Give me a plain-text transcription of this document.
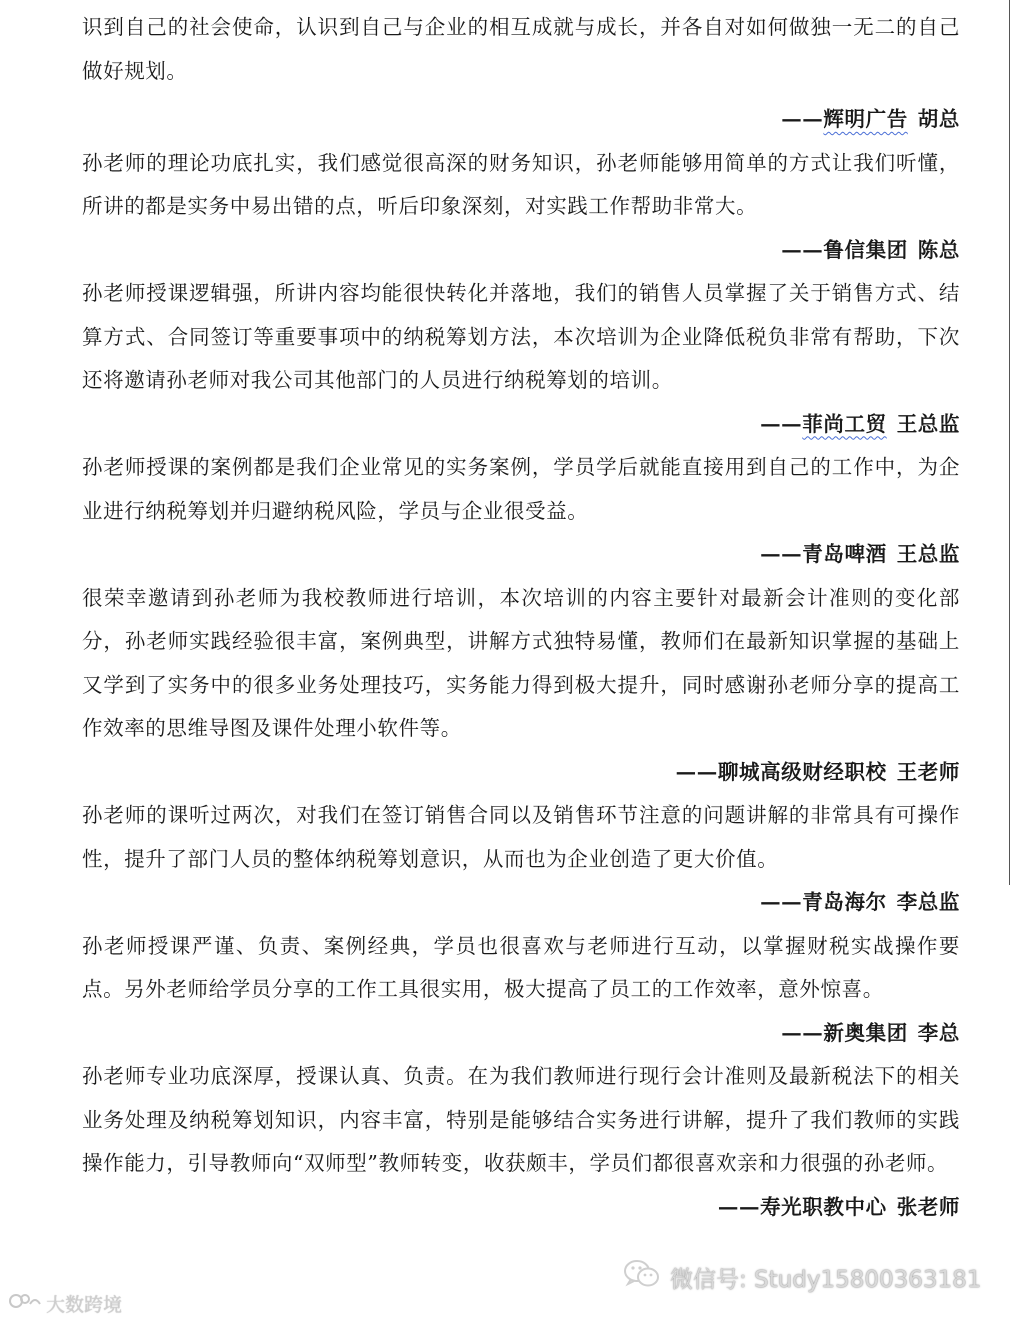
识到自己的社会使命，认识到自己与企业的相互成就与成长，并各自对如何做独一无二的自己做好规划。

——辉明广告 胡总

孙老师的理论功底扎实，我们感觉很高深的财务知识，孙老师能够用简单的方式让我们听懂，所讲的都是实务中易出错的点，听后印象深刻，对实践工作帮助非常大。

——鲁信集团 陈总

孙老师授课逻辑强，所讲内容均能很快转化并落地，我们的销售人员掌握了关于销售方式、结算方式、合同签订等重要事项中的纳税筹划方法，本次培训为企业降低税负非常有帮助，下次还将邀请孙老师对我公司其他部门的人员进行纳税筹划的培训。

——菲尚工贸 王总监

孙老师授课的案例都是我们企业常见的实务案例，学员学后就能直接用到自己的工作中，为企业进行纳税筹划并归避纳税风险，学员与企业很受益。

——青岛啤酒 王总监

很荣幸邀请到孙老师为我校教师进行培训，本次培训的内容主要针对最新会计准则的变化部分，孙老师实践经验很丰富，案例典型，讲解方式独特易懂，教师们在最新知识掌握的基础上又学到了实务中的很多业务处理技巧，实务能力得到极大提升，同时感谢孙老师分享的提高工作效率的思维导图及课件处理小软件等。

——聊城高级财经职校 王老师

孙老师的课听过两次，对我们在签订销售合同以及销售环节注意的问题讲解的非常具有可操作性，提升了部门人员的整体纳税筹划意识，从而也为企业创造了更大价值。

——青岛海尔 李总监

孙老师授课严谨、负责、案例经典，学员也很喜欢与老师进行互动，以掌握财税实战操作要点。另外老师给学员分享的工作工具很实用，极大提高了员工的工作效率，意外惊喜。

——新奥集团 李总

孙老师专业功底深厚，授课认真、负责。在为我们教师进行现行会计准则及最新税法下的相关业务处理及纳税筹划知识，内容丰富，特别是能够结合实务进行讲解，提升了我们教师的实践操作能力，引导教师向“双师型”教师转变，收获颇丰，学员们都很喜欢亲和力很强的孙老师。

——寿光职教中心 张老师

大数跨境
微信号: Study15800363181
